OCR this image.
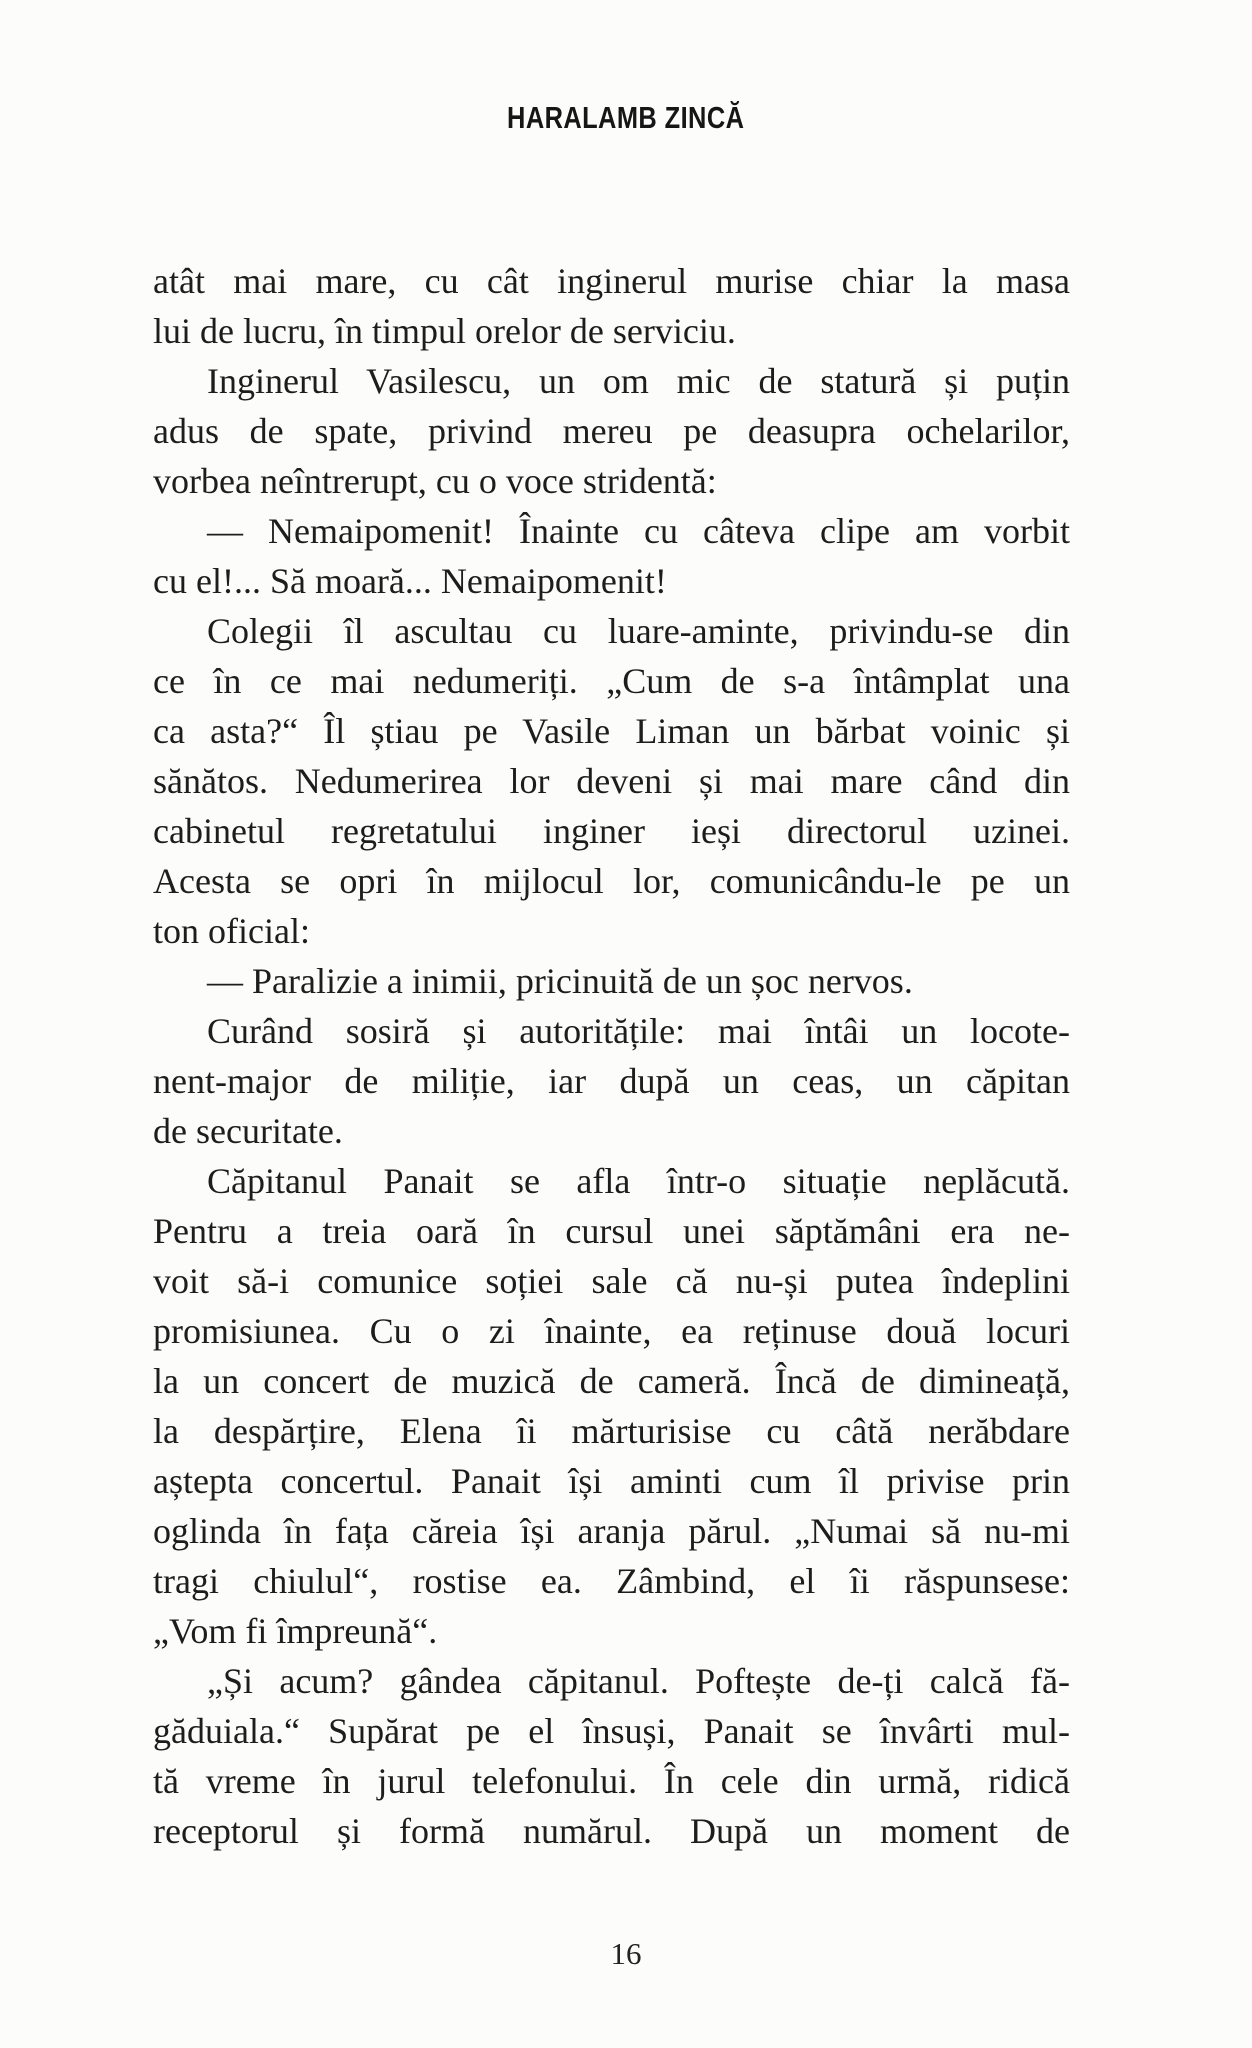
HARALAMB ZINCĂ
atât mai mare, cu cât inginerul murise chiar la masa
lui de lucru, în timpul orelor de serviciu.
Inginerul Vasilescu, un om mic de statură și puțin
adus de spate, privind mereu pe deasupra ochelarilor,
vorbea neîntrerupt, cu o voce stridentă:
— Nemaipomenit! Înainte cu câteva clipe am vorbit
cu el!... Să moară... Nemaipomenit!
Colegii îl ascultau cu luare-aminte, privindu-se din
ce în ce mai nedumeriți. „Cum de s-a întâmplat una
ca asta?“ Îl știau pe Vasile Liman un bărbat voinic și
sănătos. Nedumerirea lor deveni și mai mare când din
cabinetul regretatului inginer ieși directorul uzinei.
Acesta se opri în mijlocul lor, comunicându-le pe un
ton oficial:
— Paralizie a inimii, pricinuită de un șoc nervos.
Curând sosiră și autoritățile: mai întâi un locote-
nent-major de miliție, iar după un ceas, un căpitan
de securitate.
Căpitanul Panait se afla într-o situație neplăcută.
Pentru a treia oară în cursul unei săptămâni era ne-
voit să-i comunice soției sale că nu-și putea îndeplini
promisiunea. Cu o zi înainte, ea reținuse două locuri
la un concert de muzică de cameră. Încă de dimineață,
la despărțire, Elena îi mărturisise cu câtă nerăbdare
aștepta concertul. Panait își aminti cum îl privise prin
oglinda în fața căreia își aranja părul. „Numai să nu-mi
tragi chiulul“, rostise ea. Zâmbind, el îi răspunsese:
„Vom fi împreună“.
„Și acum? gândea căpitanul. Poftește de-ți calcă fă-
găduiala.“ Supărat pe el însuși, Panait se învârti mul-
tă vreme în jurul telefonului. În cele din urmă, ridică
receptorul și formă numărul. După un moment de
16
